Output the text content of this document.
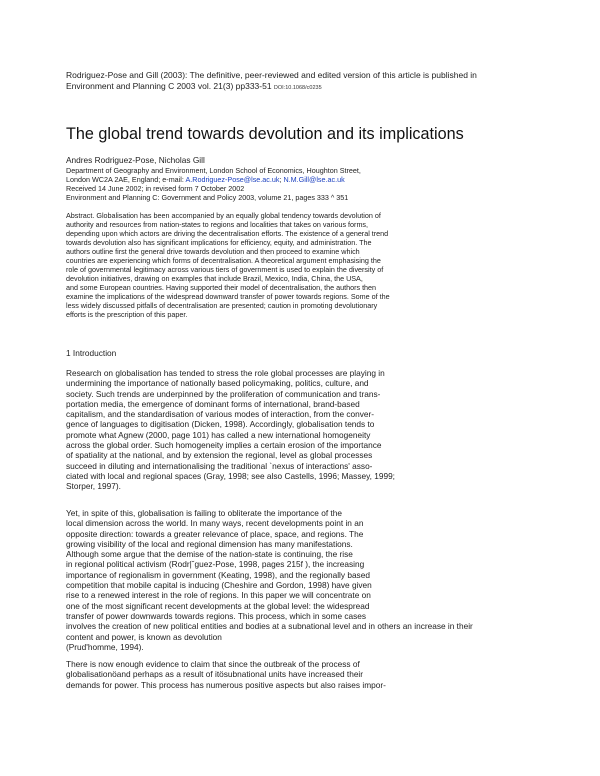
Rodriguez-Pose and Gill (2003): The definitive, peer-reviewed and edited version of this article is published in
Environment and Planning C 2003 vol. 21(3) pp333-51 DOI:10.1068/c0235
The global trend towards devolution and its implications
Andres Rodriguez-Pose, Nicholas Gill
Department of Geography and Environment, London School of Economics, Houghton Street,
London WC2A 2AE, England; e-mail: A.Rodriguez-Pose@lse.ac.uk; N.M.Gill@lse.ac.uk
Received 14 June 2002; in revised form 7 October 2002
Environment and Planning C: Government and Policy 2003, volume 21, pages 333 ^ 351
Abstract. Globalisation has been accompanied by an equally global tendency towards devolution of
authority and resources from nation-states to regions and localities that takes on various forms,
depending upon which actors are driving the decentralisation efforts. The existence of a general trend
towards devolution also has significant implications for efficiency, equity, and administration. The
authors outline first the general drive towards devolution and then proceed to examine which
countries are experiencing which forms of decentralisation. A theoretical argument emphasising the
role of governmental legitimacy across various tiers of government is used to explain the diversity of
devolution initiatives, drawing on examples that include Brazil, Mexico, India, China, the USA,
and some European countries. Having supported their model of decentralisation, the authors then
examine the implications of the widespread downward transfer of power towards regions. Some of the
less widely discussed pitfalls of decentralisation are presented; caution in promoting devolutionary
efforts is the prescription of this paper.
1 Introduction
Research on globalisation has tended to stress the role global processes are playing in
undermining the importance of nationally based policymaking, politics, culture, and
society. Such trends are underpinned by the proliferation of communication and trans-
portation media, the emergence of dominant forms of international, brand-based
capitalism, and the standardisation of various modes of interaction, from the conver-
gence of languages to digitisation (Dicken, 1998). Accordingly, globalisation tends to
promote what Agnew (2000, page 101) has called a new international homogeneity
across the global order. Such homogeneity implies a certain erosion of the importance
of spatiality at the national, and by extension the regional, level as global processes
succeed in diluting and internationalising the traditional `nexus of interactions' asso-
ciated with local and regional spaces (Gray, 1998; see also Castells, 1996; Massey, 1999;
Storper, 1997).
Yet, in spite of this, globalisation is failing to obliterate the importance of the
local dimension across the world. In many ways, recent developments point in an
opposite direction: towards a greater relevance of place, space, and regions. The
growing visibility of the local and regional dimension has many manifestations.
Although some argue that the demise of the nation-state is continuing, the rise
in regional political activism (Rodr|˘guez-Pose, 1998, pages 215f ), the increasing
importance of regionalism in government (Keating, 1998), and the regionally based
competition that mobile capital is inducing (Cheshire and Gordon, 1998) have given
rise to a renewed interest in the role of regions. In this paper we will concentrate on
one of the most significant recent developments at the global level: the widespread
transfer of power downwards towards regions. This process, which in some cases
involves the creation of new political entities and bodies at a subnational level and in others an increase in their
content and power, is known as devolution
(Prud'homme, 1994).
There is now enough evidence to claim that since the outbreak of the process of
globalisationöand perhaps as a result of itösubnational units have increased their
demands for power. This process has numerous positive aspects but also raises impor-
